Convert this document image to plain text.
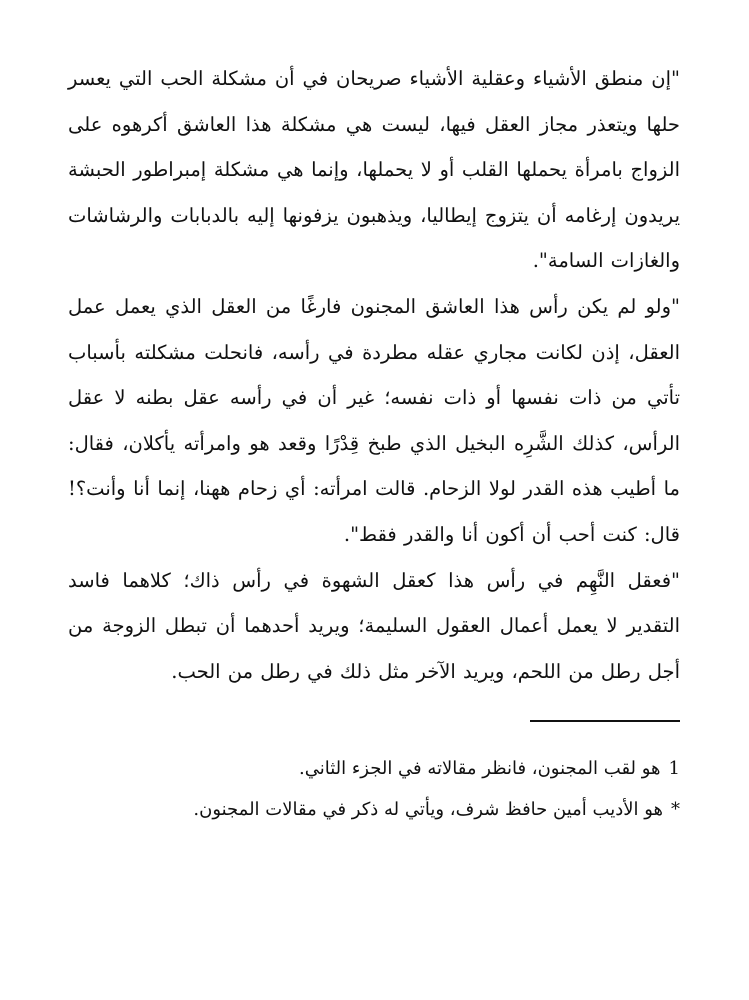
"إن منطق الأشياء وعقلية الأشياء صريحان في أن مشكلة الحب التي يعسر حلها ويتعذر مجاز العقل فيها، ليست هي مشكلة هذا العاشق أكرهوه على الزواج بامرأة يحملها القلب أو لا يحملها، وإنما هي مشكلة إمبراطور الحبشة يريدون إرغامه أن يتزوج إيطاليا، ويذهبون يزفونها إليه بالدبابات والرشاشات والغازات السامة".

"ولو لم يكن رأس هذا العاشق المجنون فارغًا من العقل الذي يعمل عمل العقل، إذن لكانت مجاري عقله مطردة في رأسه، فانحلت مشكلته بأسباب تأتي من ذات نفسها أو ذات نفسه؛ غير أن في رأسه عقل بطنه لا عقل الرأس، كذلك الشَّرِه البخيل الذي طبخ قِدْرًا وقعد هو وامرأته يأكلان، فقال: ما أطيب هذه القدر لولا الزحام. قالت امرأته: أي زحام ههنا، إنما أنا وأنت؟! قال: كنت أحب أن أكون أنا والقدر فقط".

"فعقل النَّهِم في رأس هذا كعقل الشهوة في رأس ذاك؛ كلاهما فاسد التقدير لا يعمل أعمال العقول السليمة؛ ويريد أحدهما أن تبطل الزوجة من أجل رطل من اللحم، ويريد الآخر مثل ذلك في رطل من الحب.

1هو لقب المجنون، فانظر مقالاته في الجزء الثاني.

*هو الأديب أمين حافظ شرف، ويأتي له ذكر في مقالات المجنون.
